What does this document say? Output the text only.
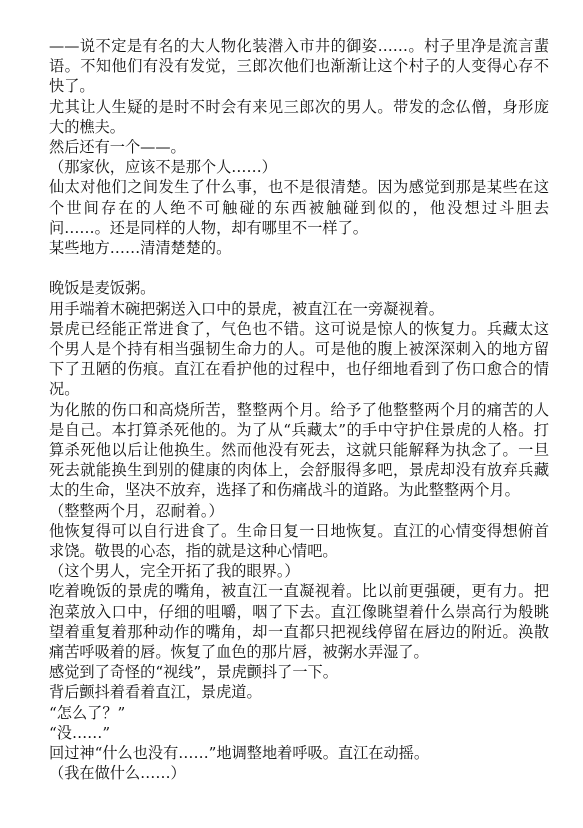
——说不定是有名的大人物化装潜入市井的御姿……。村子里净是流言蜚语。不知他们有没有发觉，三郎次他们也渐渐让这个村子的人变得心存不快了。

尤其让人生疑的是时不时会有来见三郎次的男人。带发的念仏僧，身形庞大的樵夫。

然后还有一个——。

（那家伙，应该不是那个人……）

仙太对他们之间发生了什么事，也不是很清楚。因为感觉到那是某些在这个世间存在的人绝不可触碰的东西被触碰到似的，他没想过斗胆去问……。还是同样的人物，却有哪里不一样了。

某些地方……清清楚楚的。

晚饭是麦饭粥。

用手端着木碗把粥送入口中的景虎，被直江在一旁凝视着。

景虎已经能正常进食了，气色也不错。这可说是惊人的恢复力。兵藏太这个男人是个持有相当强韧生命力的人。可是他的腹上被深深刺入的地方留下了丑陋的伤痕。直江在看护他的过程中，也仔细地看到了伤口愈合的情况。

为化脓的伤口和高烧所苦，整整两个月。给予了他整整两个月的痛苦的人是自己。本打算杀死他的。为了从“兵藏太”的手中守护住景虎的人格。打算杀死他以后让他换生。然而他没有死去，这就只能解释为执念了。一旦死去就能换生到别的健康的肉体上，会舒服得多吧，景虎却没有放弃兵藏太的生命，坚决不放弃，选择了和伤痛战斗的道路。为此整整两个月。

（整整两个月，忍耐着。）

他恢复得可以自行进食了。生命日复一日地恢复。直江的心情变得想俯首求饶。敬畏的心态，指的就是这种心情吧。

（这个男人，完全开拓了我的眼界。）

吃着晚饭的景虎的嘴角，被直江一直凝视着。比以前更强硬，更有力。把泡菜放入口中，仔细的咀嚼，咽了下去。直江像眺望着什么崇高行为般眺望着重复着那种动作的嘴角，却一直都只把视线停留在唇边的附近。涣散痛苦呼吸着的唇。恢复了血色的那片唇，被粥水弄湿了。

感觉到了奇怪的“视线”，景虎颤抖了一下。

背后颤抖着看着直江，景虎道。

“怎么了？”

“没……”

回过神“什么也没有……”地调整地着呼吸。直江在动摇。

（我在做什么……）
